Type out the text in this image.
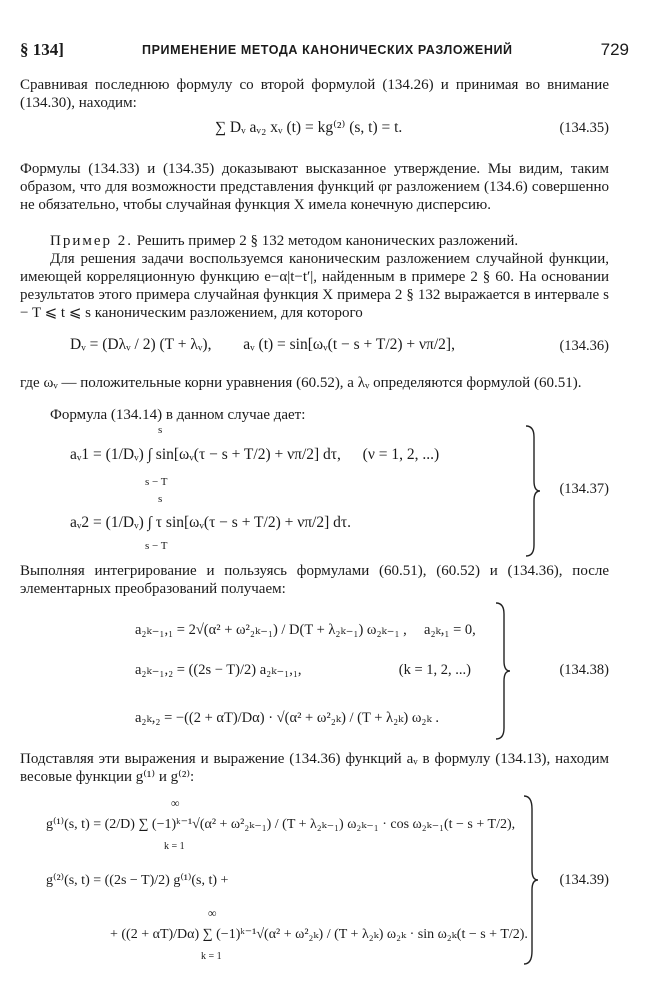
§ 134]	ПРИМЕНЕНИЕ МЕТОДА КАНОНИЧЕСКИХ РАЗЛОЖЕНИЙ	729
Сравнивая последнюю формулу со второй формулой (134.26) и принимая во внимание (134.30), находим:
∑ Dᵥ aᵥ₂ xᵥ (t) = kg⁽²⁾ (s, t) = t.	(134.35)
Формулы (134.33) и (134.35) доказывают высказанное утверждение. Мы видим, таким образом, что для возможности представления функций φr разложением (134.6) совершенно не обязательно, чтобы случайная функция X имела конечную дисперсию.
Пример 2. Решить пример 2 § 132 методом канонических разложений.
Для решения задачи воспользуемся каноническим разложением случайной функции, имеющей корреляционную функцию e−α|t−t′|, найденным в примере 2 § 60. На основании результатов этого примера случайная функция X примера 2 § 132 выражается в интервале s − T ⩽ t ⩽ s каноническим разложением, для которого
Dᵥ = (Dλᵥ / 2) (T + λᵥ), aᵥ (t) = sin[ωᵥ(t − s + T/2) + νπ/2],	(134.36)
где ωᵥ — положительные корни уравнения (60.52), а λᵥ определяются формулой (60.51).
Формула (134.14) в данном случае дает:
aᵥ1 = (1/Dᵥ) ∫ sin[ωᵥ(τ − s + T/2) + νπ/2] dτ, (ν = 1, 2, ...)
s
s − T
aᵥ2 = (1/Dᵥ) ∫ τ sin[ωᵥ(τ − s + T/2) + νπ/2] dτ.
s
s − T
(134.37)
Выполняя интегрирование и пользуясь формулами (60.51), (60.52) и (134.36), после элементарных преобразований получаем:
a₂ₖ₋₁,₁ = 2√(α² + ω²₂ₖ₋₁) / D(T + λ₂ₖ₋₁) ω₂ₖ₋₁ , a₂ₖ,₁ = 0,
a₂ₖ₋₁,₂ = ((2s − T)/2) a₂ₖ₋₁,₁,	(k = 1, 2, ...)
a₂ₖ,₂ = −((2 + αT)/Dα) · √(α² + ω²₂ₖ) / (T + λ₂ₖ) ω₂ₖ .
(134.38)
Подставляя эти выражения и выражение (134.36) функций aᵥ в формулу (134.13), находим весовые функции g⁽¹⁾ и g⁽²⁾:
g⁽¹⁾(s, t) = (2/D) ∑ (−1)ᵏ⁻¹√(α² + ω²₂ₖ₋₁) / (T + λ₂ₖ₋₁) ω₂ₖ₋₁ · cos ω₂ₖ₋₁(t − s + T/2),
∞
k = 1
g⁽²⁾(s, t) = ((2s − T)/2) g⁽¹⁾(s, t) +
+ ((2 + αT)/Dα) ∑ (−1)ᵏ⁻¹√(α² + ω²₂ₖ) / (T + λ₂ₖ) ω₂ₖ · sin ω₂ₖ(t − s + T/2).
∞
k = 1
(134.39)
